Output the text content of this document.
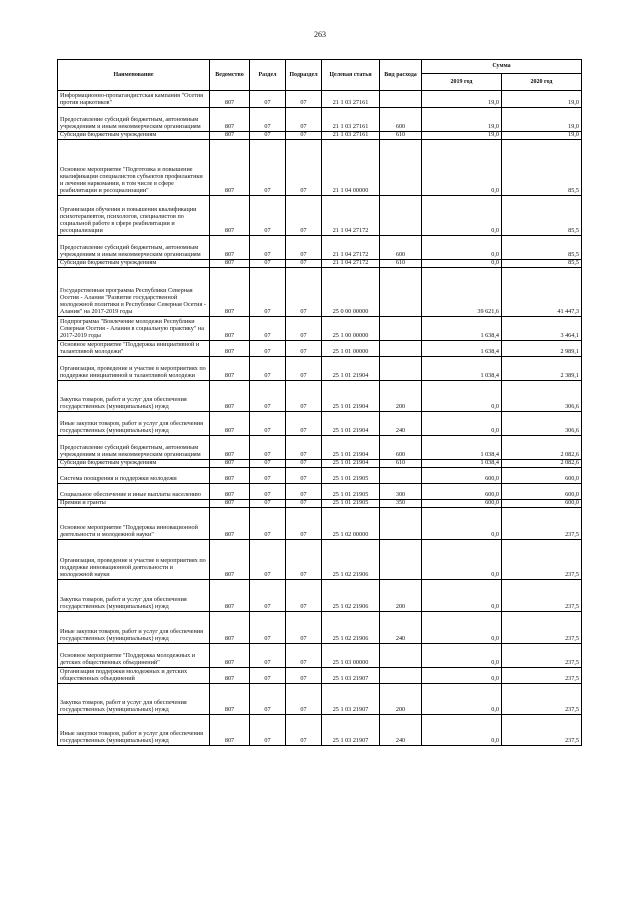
263
Наименование	Ведомство	Раздел	Подраздел	Целевая статья	Вид расхода	Сумма	
						2019 год	2020 год
Информационно-пропагандистская кампания "Осетия против наркотиков"	807	07	07	21 1 03 27161		19,0	19,0
Предоставление субсидий бюджетным, автономным учреждениям и иным некоммерческим организациям	807	07	07	21 1 03 27161	600	19,0	19,0
Субсидии бюджетным учреждениям	807	07	07	21 1 03 27161	610	19,0	19,0
Основное мероприятие "Подготовка и повышение квалификации специалистов субъектов профилактики и лечения наркомании, в том числе в сфере реабилитации и ресоциализации"	807	07	07	21 1 04 00000		0,0	85,5
Организация обучения и повышения квалификации психотерапевтов, психологов, специалистов по социальной работе в сфере реабилитации и ресоциализации	807	07	07	21 1 04 27172		0,0	85,5
Предоставление субсидий бюджетным, автономным учреждениям и иным некоммерческим организациям	807	07	07	21 1 04 27172	600	0,0	85,5
Субсидии бюджетным учреждениям	807	07	07	21 1 04 27172	610	0,0	85,5
Государственная программа Республики Северная Осетия - Алания "Развитие государственной молодежной политики в Республике Северная Осетия - Алания" на 2017-2019 годы	807	07	07	25 0 00 00000		39 621,6	41 447,3
Подпрограмма "Вовлечение молодежи Республики Северная Осетия - Алания в социальную практику" на 2017-2019 годы	807	07	07	25 1 00 00000		1 638,4	3 464,1
Основное мероприятие "Поддержка инициативной и талантливой молодежи"	807	07	07	25 1 01 00000		1 638,4	2 989,1
Организация, проведение и участие в мероприятиях по поддержке инициативной и талантливой молодежи	807	07	07	25 1 01 21904		1 038,4	2 389,1
Закупка товаров, работ и услуг для обеспечения государственных (муниципальных) нужд	807	07	07	25 1 01 21904	200	0,0	306,6
Иные закупки товаров, работ и услуг для обеспечения государственных (муниципальных) нужд	807	07	07	25 1 01 21904	240	0,0	306,6
Предоставление субсидий бюджетным, автономным учреждениям и иным некоммерческим организациям	807	07	07	25 1 01 21904	600	1 038,4	2 082,6
Субсидии бюджетным учреждениям	807	07	07	25 1 01 21904	610	1 038,4	2 082,6
Система поощрения и поддержки молодежи	807	07	07	25 1 01 21905		600,0	600,0
Социальное обеспечение и иные выплаты населению	807	07	07	25 1 01 21905	300	600,0	600,0
Премии и гранты	807	07	07	25 1 01 21905	350	600,0	600,0
Основное мероприятие "Поддержка инновационной деятельности и молодежной науки"	807	07	07	25 1 02 00000		0,0	237,5
Организация, проведение и участие в мероприятиях по поддержке инновационной деятельности и молодежной науки	807	07	07	25 1 02 21906		0,0	237,5
Закупка товаров, работ и услуг для обеспечения государственных (муниципальных) нужд	807	07	07	25 1 02 21906	200	0,0	237,5
Иные закупки товаров, работ и услуг для обеспечения государственных (муниципальных) нужд	807	07	07	25 1 02 21906	240	0,0	237,5
Основное мероприятие "Поддержка молодежных и детских общественных объединений"	807	07	07	25 1 03 00000		0,0	237,5
Организация поддержки молодежных и детских общественных объединений	807	07	07	25 1 03 21907		0,0	237,5
Закупка товаров, работ и услуг для обеспечения государственных (муниципальных) нужд	807	07	07	25 1 03 21907	200	0,0	237,5
Иные закупки товаров, работ и услуг для обеспечения государственных (муниципальных) нужд	807	07	07	25 1 03 21907	240	0,0	237,5
